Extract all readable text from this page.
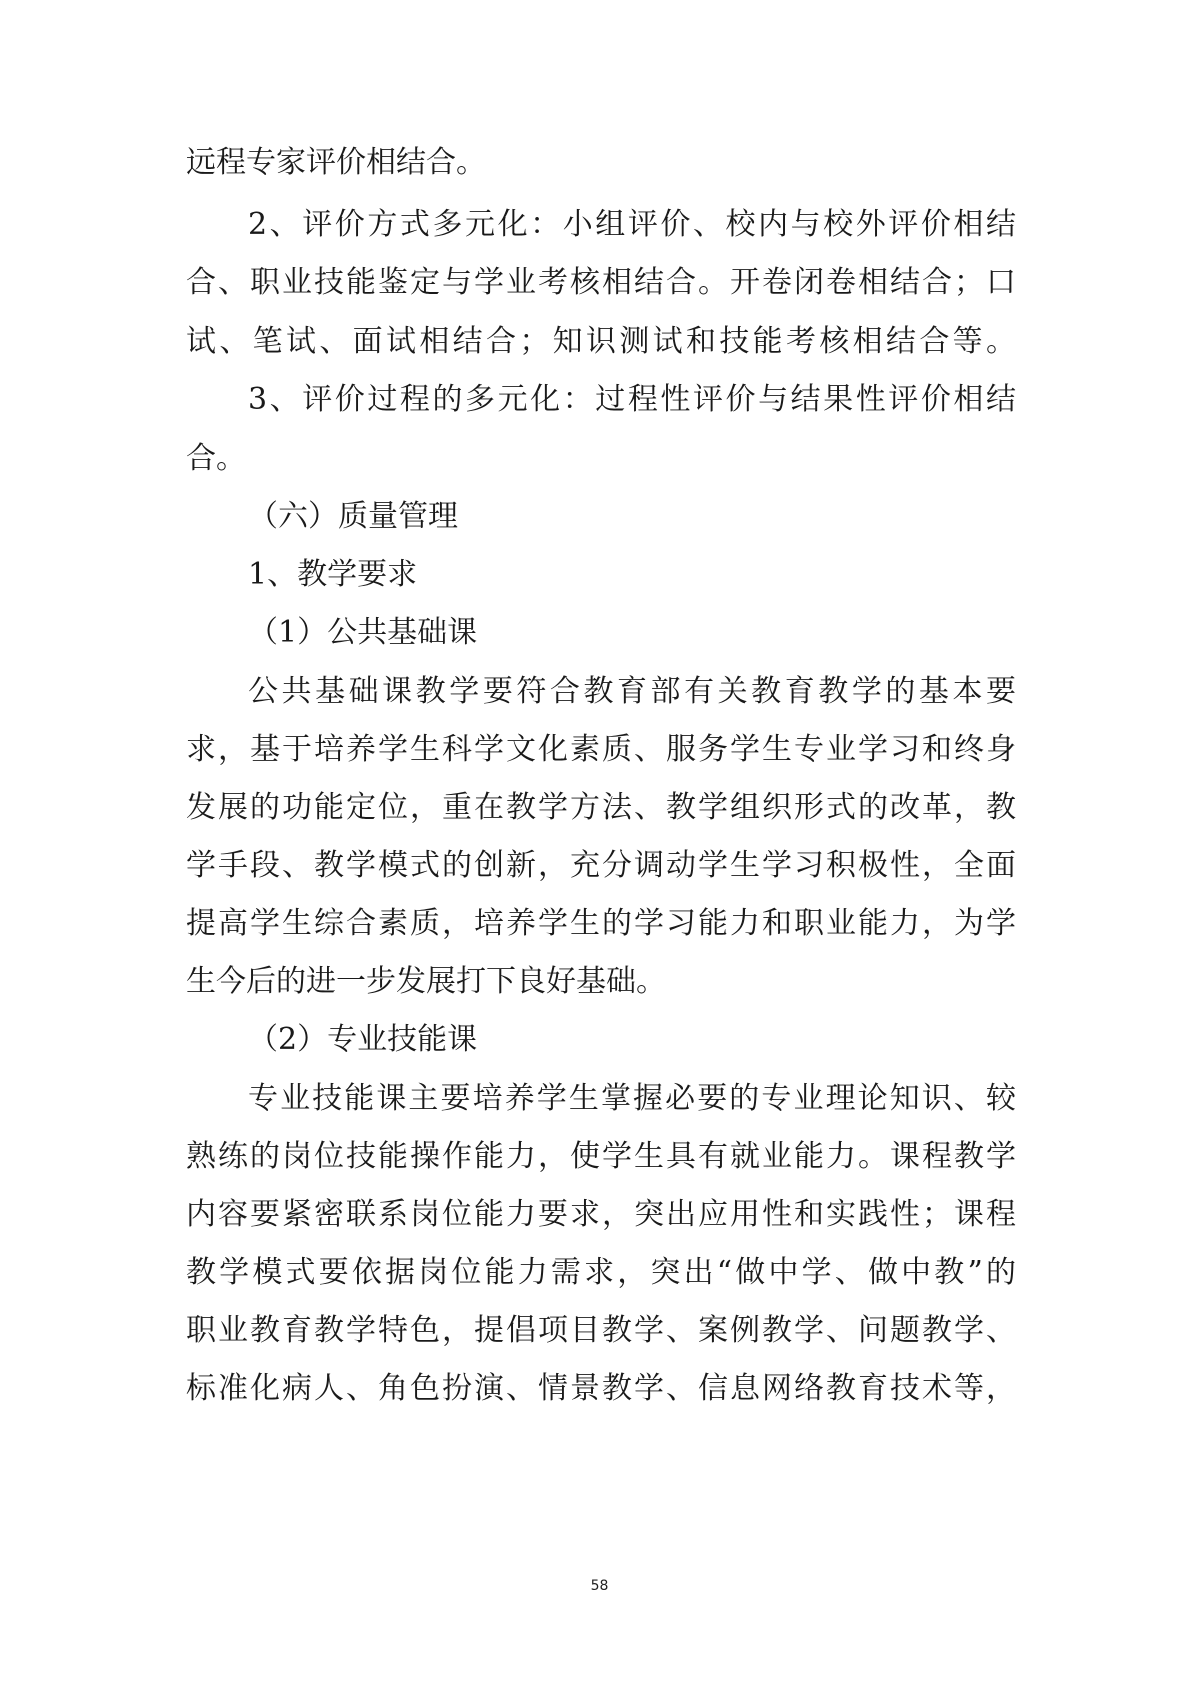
远程专家评价相结合。
2、评价方式多元化：小组评价、校内与校外评价相结
合、职业技能鉴定与学业考核相结合。开卷闭卷相结合；口
试、笔试、面试相结合；知识测试和技能考核相结合等。
3、评价过程的多元化：过程性评价与结果性评价相结
合。
（六）质量管理
1、教学要求
（1）公共基础课
公共基础课教学要符合教育部有关教育教学的基本要
求，基于培养学生科学文化素质、服务学生专业学习和终身
发展的功能定位，重在教学方法、教学组织形式的改革，教
学手段、教学模式的创新，充分调动学生学习积极性，全面
提高学生综合素质，培养学生的学习能力和职业能力，为学
生今后的进一步发展打下良好基础。
（2）专业技能课
专业技能课主要培养学生掌握必要的专业理论知识、较
熟练的岗位技能操作能力，使学生具有就业能力。课程教学
内容要紧密联系岗位能力要求，突出应用性和实践性；课程
教学模式要依据岗位能力需求，突出“做中学、做中教”的
职业教育教学特色，提倡项目教学、案例教学、问题教学、
标准化病人、角色扮演、情景教学、信息网络教育技术等，
58
